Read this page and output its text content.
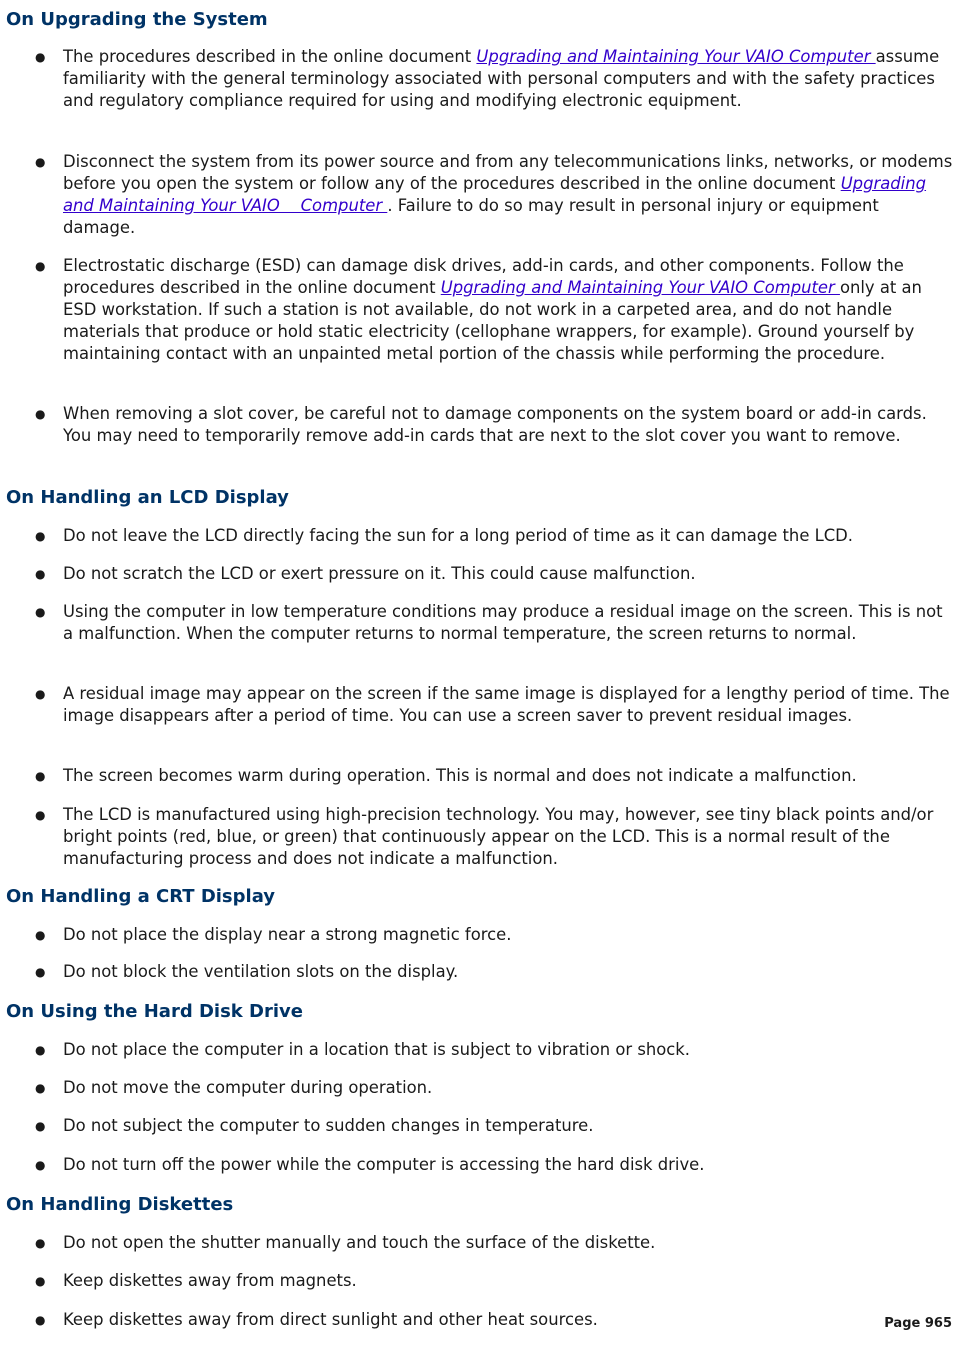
On Upgrading the System
● The procedures described in the online document Upgrading and Maintaining Your VAIO Computer assume familiarity with the general terminology associated with personal computers and with the safety practices and regulatory compliance required for using and modifying electronic equipment.
● Disconnect the system from its power source and from any telecommunications links, networks, or modems before you open the system or follow any of the procedures described in the online document Upgrading and Maintaining Your VAIO    Computer . Failure to do so may result in personal injury or equipment damage.
● Electrostatic discharge (ESD) can damage disk drives, add-in cards, and other components. Follow the procedures described in the online document Upgrading and Maintaining Your VAIO Computer only at an ESD workstation. If such a station is not available, do not work in a carpeted area, and do not handle materials that produce or hold static electricity (cellophane wrappers, for example). Ground yourself by maintaining contact with an unpainted metal portion of the chassis while performing the procedure.
● When removing a slot cover, be careful not to damage components on the system board or add-in cards. You may need to temporarily remove add-in cards that are next to the slot cover you want to remove.
On Handling an LCD Display
● Do not leave the LCD directly facing the sun for a long period of time as it can damage the LCD.
● Do not scratch the LCD or exert pressure on it. This could cause malfunction.
● Using the computer in low temperature conditions may produce a residual image on the screen. This is not a malfunction. When the computer returns to normal temperature, the screen returns to normal.
● A residual image may appear on the screen if the same image is displayed for a lengthy period of time. The image disappears after a period of time. You can use a screen saver to prevent residual images.
● The screen becomes warm during operation. This is normal and does not indicate a malfunction.
● The LCD is manufactured using high-precision technology. You may, however, see tiny black points and/or bright points (red, blue, or green) that continuously appear on the LCD. This is a normal result of the manufacturing process and does not indicate a malfunction.
On Handling a CRT Display
● Do not place the display near a strong magnetic force.
● Do not block the ventilation slots on the display.
On Using the Hard Disk Drive
● Do not place the computer in a location that is subject to vibration or shock.
● Do not move the computer during operation.
● Do not subject the computer to sudden changes in temperature.
● Do not turn off the power while the computer is accessing the hard disk drive.
On Handling Diskettes
● Do not open the shutter manually and touch the surface of the diskette.
● Keep diskettes away from magnets.
● Keep diskettes away from direct sunlight and other heat sources.	Page 965
